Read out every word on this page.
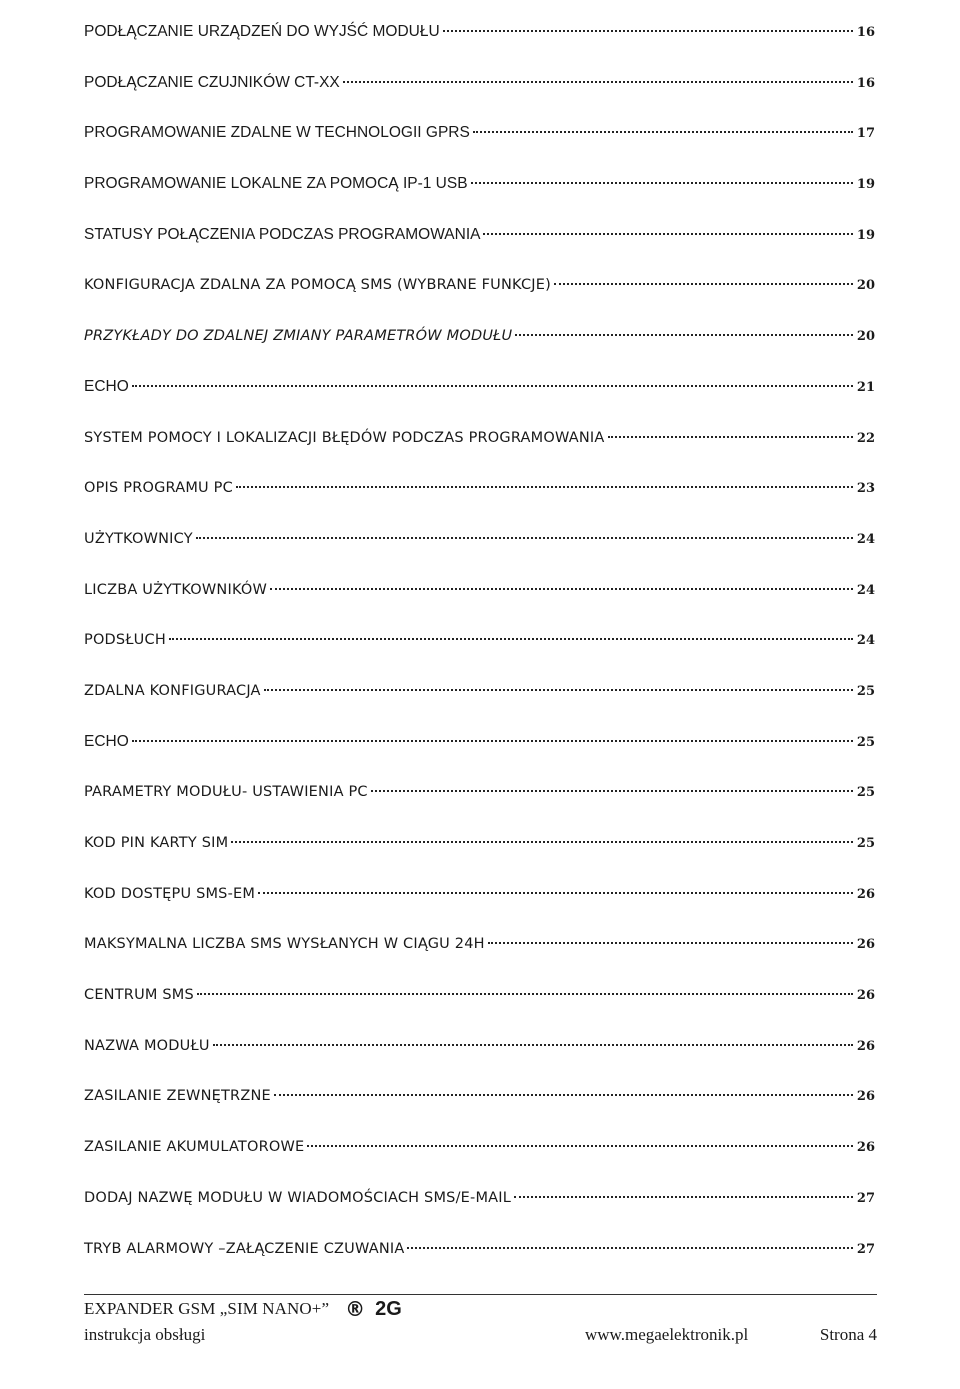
PODŁĄCZANIE URZĄDZEŃ DO WYJŚĆ MODUŁU	16
PODŁĄCZANIE CZUJNIKÓW CT-XX	16
PROGRAMOWANIE ZDALNE W TECHNOLOGII GPRS	17
PROGRAMOWANIE LOKALNE ZA POMOCĄ IP-1 USB	19
STATUSY POŁĄCZENIA PODCZAS PROGRAMOWANIA	19
KONFIGURACJA ZDALNA ZA POMOCĄ SMS (WYBRANE FUNKCJE)	20
PRZYKŁADY DO ZDALNEJ ZMIANY PARAMETRÓW MODUŁU	20
ECHO	21
SYSTEM POMOCY I LOKALIZACJI BŁĘDÓW PODCZAS PROGRAMOWANIA	22
OPIS PROGRAMU PC	23
UŻYTKOWNICY	24
LICZBA UŻYTKOWNIKÓW	24
PODSŁUCH	24
ZDALNA KONFIGURACJA	25
ECHO	25
PARAMETRY MODUŁU- USTAWIENIA PC	25
KOD PIN KARTY SIM	25
KOD DOSTĘPU SMS-EM	26
MAKSYMALNA LICZBA SMS WYSŁANYCH W CIĄGU 24H	26
CENTRUM SMS	26
NAZWA MODUŁU	26
ZASILANIE ZEWNĘTRZNE	26
ZASILANIE AKUMULATOROWE	26
DODAJ NAZWĘ MODUŁU W WIADOMOŚCIACH SMS/E-MAIL	27
TRYB ALARMOWY –ZAŁĄCZENIE CZUWANIA	27
EXPANDER GSM „SIM NANO+” ® 2G
instrukcja obsługi	www.megaelektronik.pl	Strona 4
